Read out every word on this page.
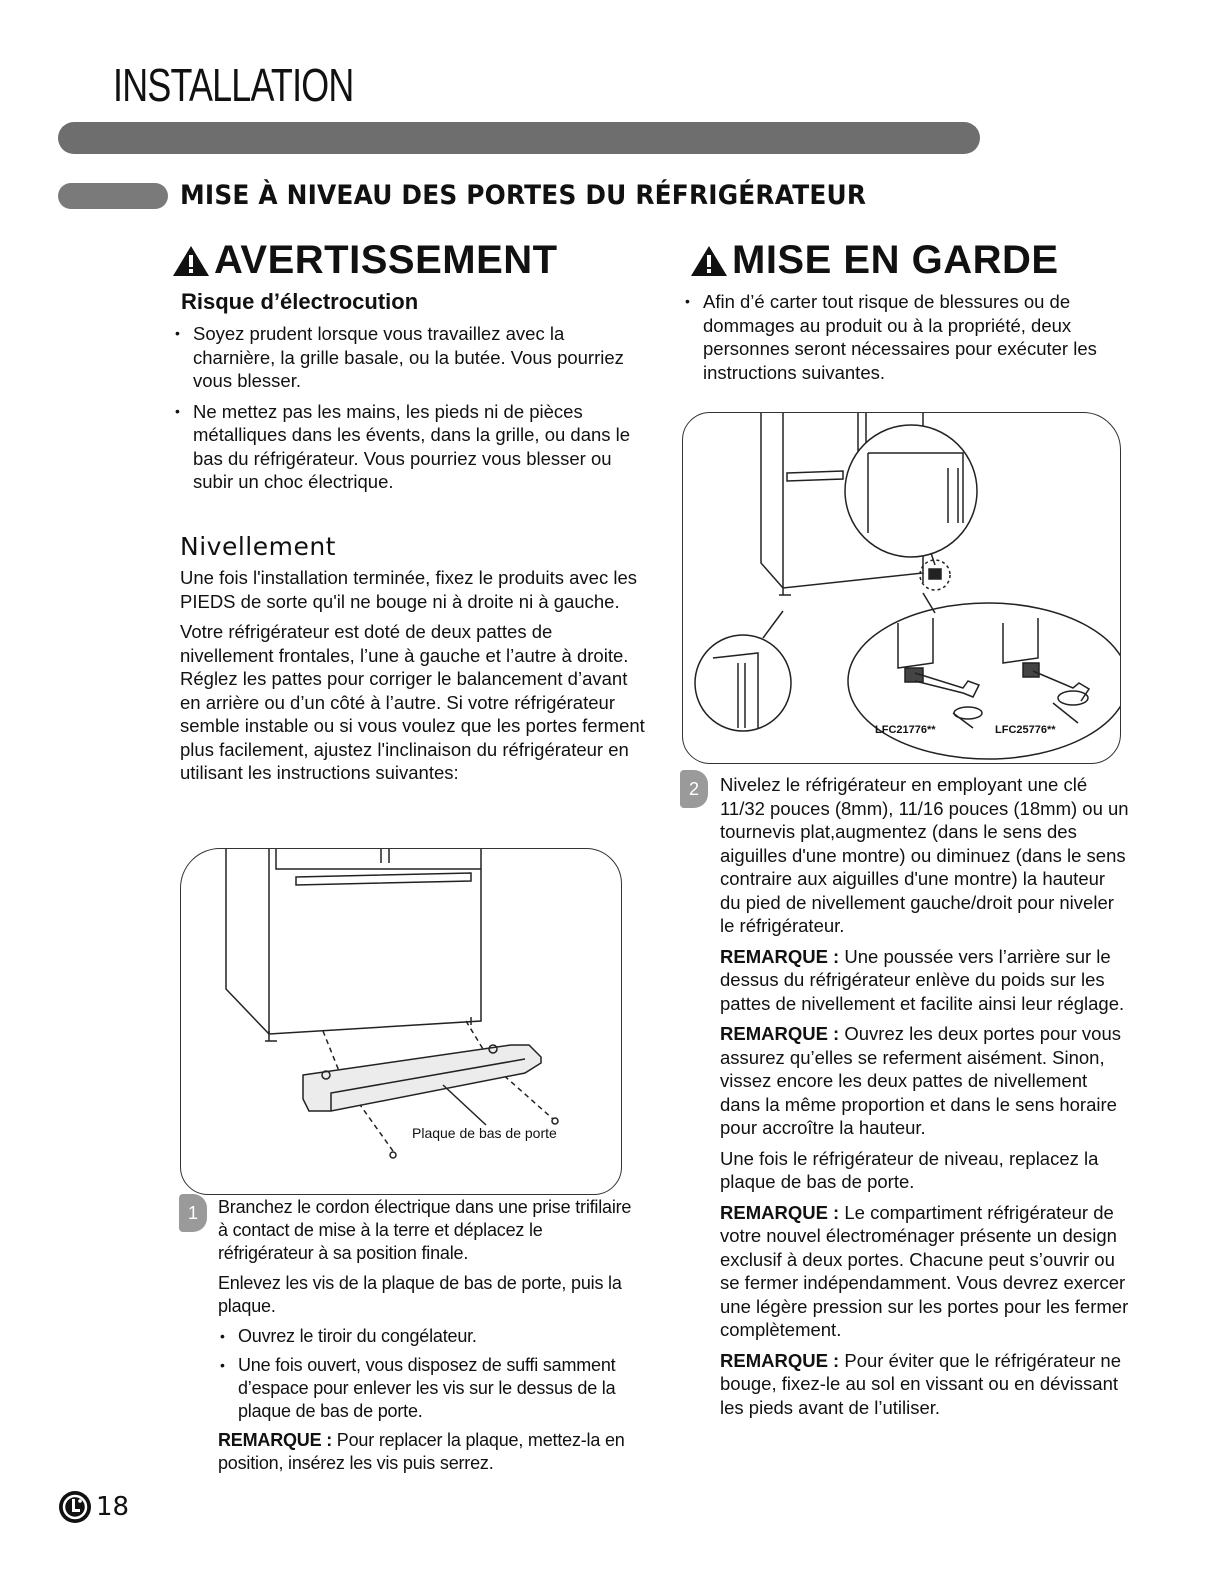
INSTALLATION
MISE À NIVEAU DES PORTES DU RÉFRIGÉRATEUR
AVERTISSEMENT	MISE EN GARDE
Risque d’électrocution
• Soyez prudent lorsque vous travaillez avec la charnière, la grille basale, ou la butée. Vous pourriez vous blesser.
• Ne mettez pas les mains, les pieds ni de pièces métalliques dans les évents, dans la grille, ou dans le bas du réfrigérateur. Vous pourriez vous blesser ou subir un choc électrique.
Nivellement

Une fois l'installation terminée, fixez le produits avec les PIEDS de sorte qu'il ne bouge ni à droite ni à gauche.

Votre réfrigérateur est doté de deux pattes de nivellement frontales, l’une à gauche et l’autre à droite. Réglez les pattes pour corriger le balancement d’avant en arrière ou d’un côté à l’autre. Si votre réfrigérateur semble instable ou si vous voulez que les portes ferment plus facilement, ajustez l'inclinaison du réfrigérateur en utilisant les instructions suivantes:

• Afin d’é carter tout risque de blessures ou de dommages au produit ou à la propriété, deux personnes seront nécessaires pour exécuter les instructions suivantes.
LFC21776**	LFC25776**
2	Nivelez le réfrigérateur en employant une clé 11/32 pouces (8mm), 11/16 pouces (18mm) ou un tournevis plat,augmentez (dans le sens des aiguilles d'une montre) ou diminuez (dans le sens contraire aux aiguilles d'une montre) la hauteur du pied de nivellement gauche/droit pour niveler le réfrigérateur.

REMARQUE : Une poussée vers l’arrière sur le dessus du réfrigérateur enlève du poids sur les pattes de nivellement et facilite ainsi leur réglage.

REMARQUE : Ouvrez les deux portes pour vous assurez qu’elles se referment aisément. Sinon, vissez encore les deux pattes de nivellement dans la même proportion et dans le sens horaire pour accroître la hauteur.

Une fois le réfrigérateur de niveau, replacez la plaque de bas de porte.

REMARQUE : Le compartiment réfrigérateur de votre nouvel électroménager présente un design exclusif à deux portes. Chacune peut s’ouvrir ou se fermer indépendamment. Vous devrez exercer une légère pression sur les portes pour les fermer complètement.

REMARQUE : Pour éviter que le réfrigérateur ne bouge, fixez-le au sol en vissant ou en dévissant les pieds avant de l’utiliser.

Plaque de bas de porte
1	Branchez le cordon électrique dans une prise trifilaire à contact de mise à la terre et déplacez le réfrigérateur à sa position finale.

Enlevez les vis de la plaque de bas de porte, puis la plaque.

• Ouvrez le tiroir du congélateur.
• Une fois ouvert, vous disposez de suffi samment d’espace pour enlever les vis sur le dessus de la plaque de bas de porte.

REMARQUE : Pour replacer la plaque, mettez-la en position, insérez les vis puis serrez.

18
